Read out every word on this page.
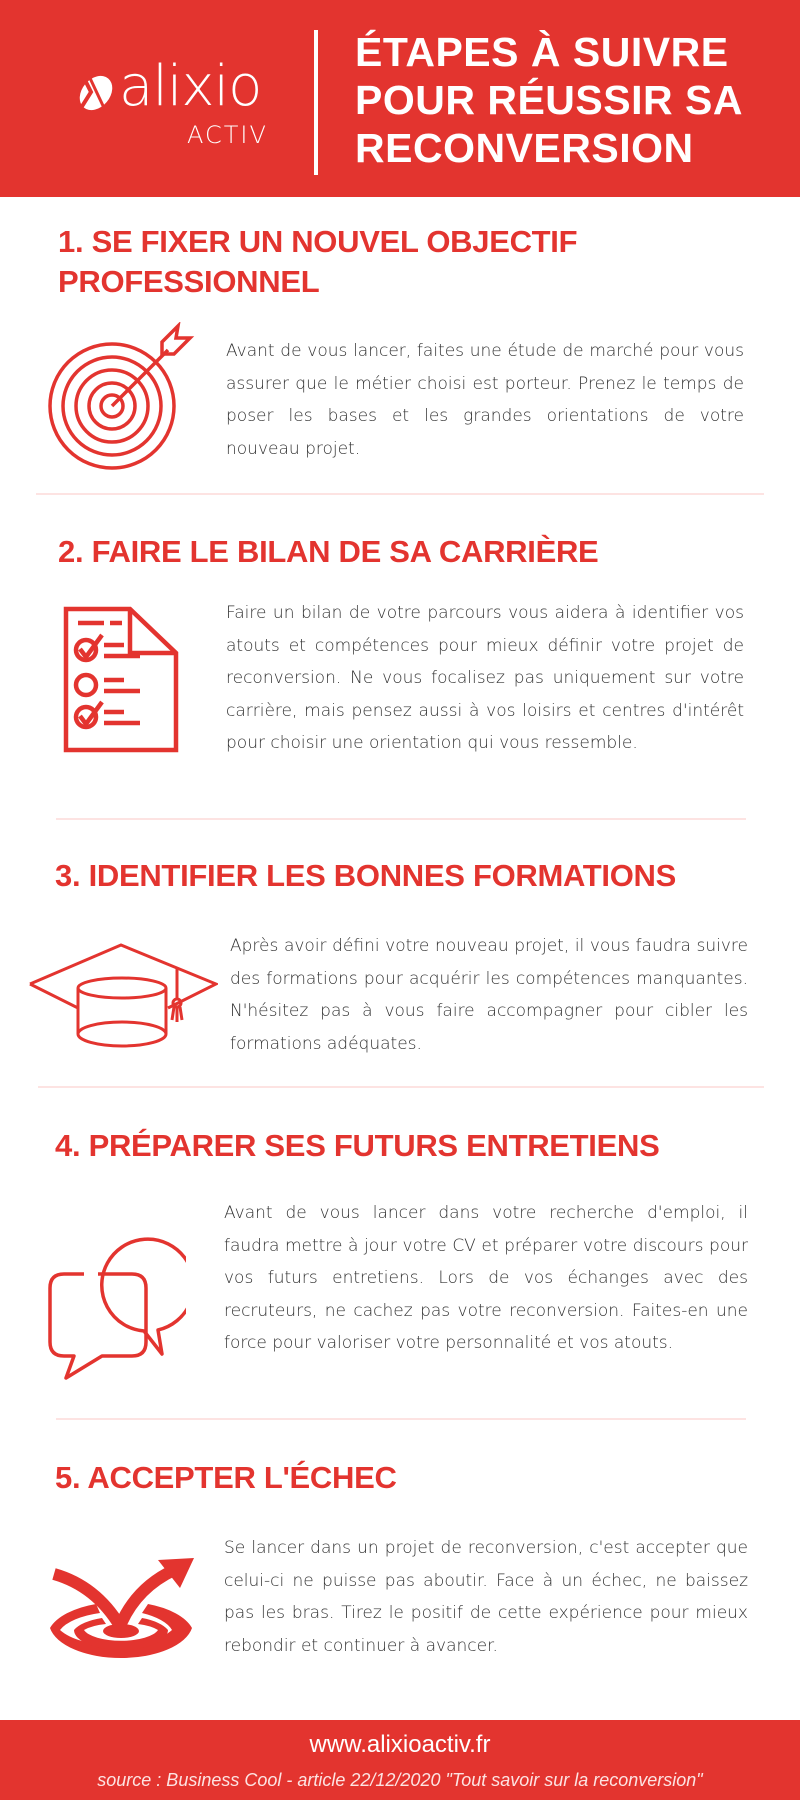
alixio
ACTIV
ÉTAPES À SUIVRE
POUR RÉUSSIR SA
RECONVERSION
1. SE FIXER UN NOUVEL OBJECTIF
PROFESSIONNEL

Avant de vous lancer, faites une étude de marché pour vous assurer que le métier choisi est porteur. Prenez le temps de poser les bases et les grandes orientations de votre nouveau projet.

2. FAIRE LE BILAN DE SA CARRIÈRE

Faire un bilan de votre parcours vous aidera à identifier vos atouts et compétences pour mieux définir votre projet de reconversion. Ne vous focalisez pas uniquement sur votre carrière, mais pensez aussi à vos loisirs et centres d'intérêt pour choisir une orientation qui vous ressemble.

3. IDENTIFIER LES BONNES FORMATIONS

Après avoir défini votre nouveau projet, il vous faudra suivre des formations pour acquérir les compétences manquantes. N'hésitez pas à vous faire accompagner pour cibler les formations adéquates.

4. PRÉPARER SES FUTURS ENTRETIENS

Avant de vous lancer dans votre recherche d'emploi, il faudra mettre à jour votre CV et préparer votre discours pour vos futurs entretiens. Lors de vos échanges avec des recruteurs, ne cachez pas votre reconversion. Faites-en une force pour valoriser votre personnalité et vos atouts.

5. ACCEPTER L'ÉCHEC

Se lancer dans un projet de reconversion, c'est accepter que celui-ci ne puisse pas aboutir. Face à un échec, ne baissez pas les bras. Tirez le positif de cette expérience pour mieux rebondir et continuer à avancer.

www.alixioactiv.fr

source : Business Cool - article 22/12/2020 "Tout savoir sur la reconversion"
